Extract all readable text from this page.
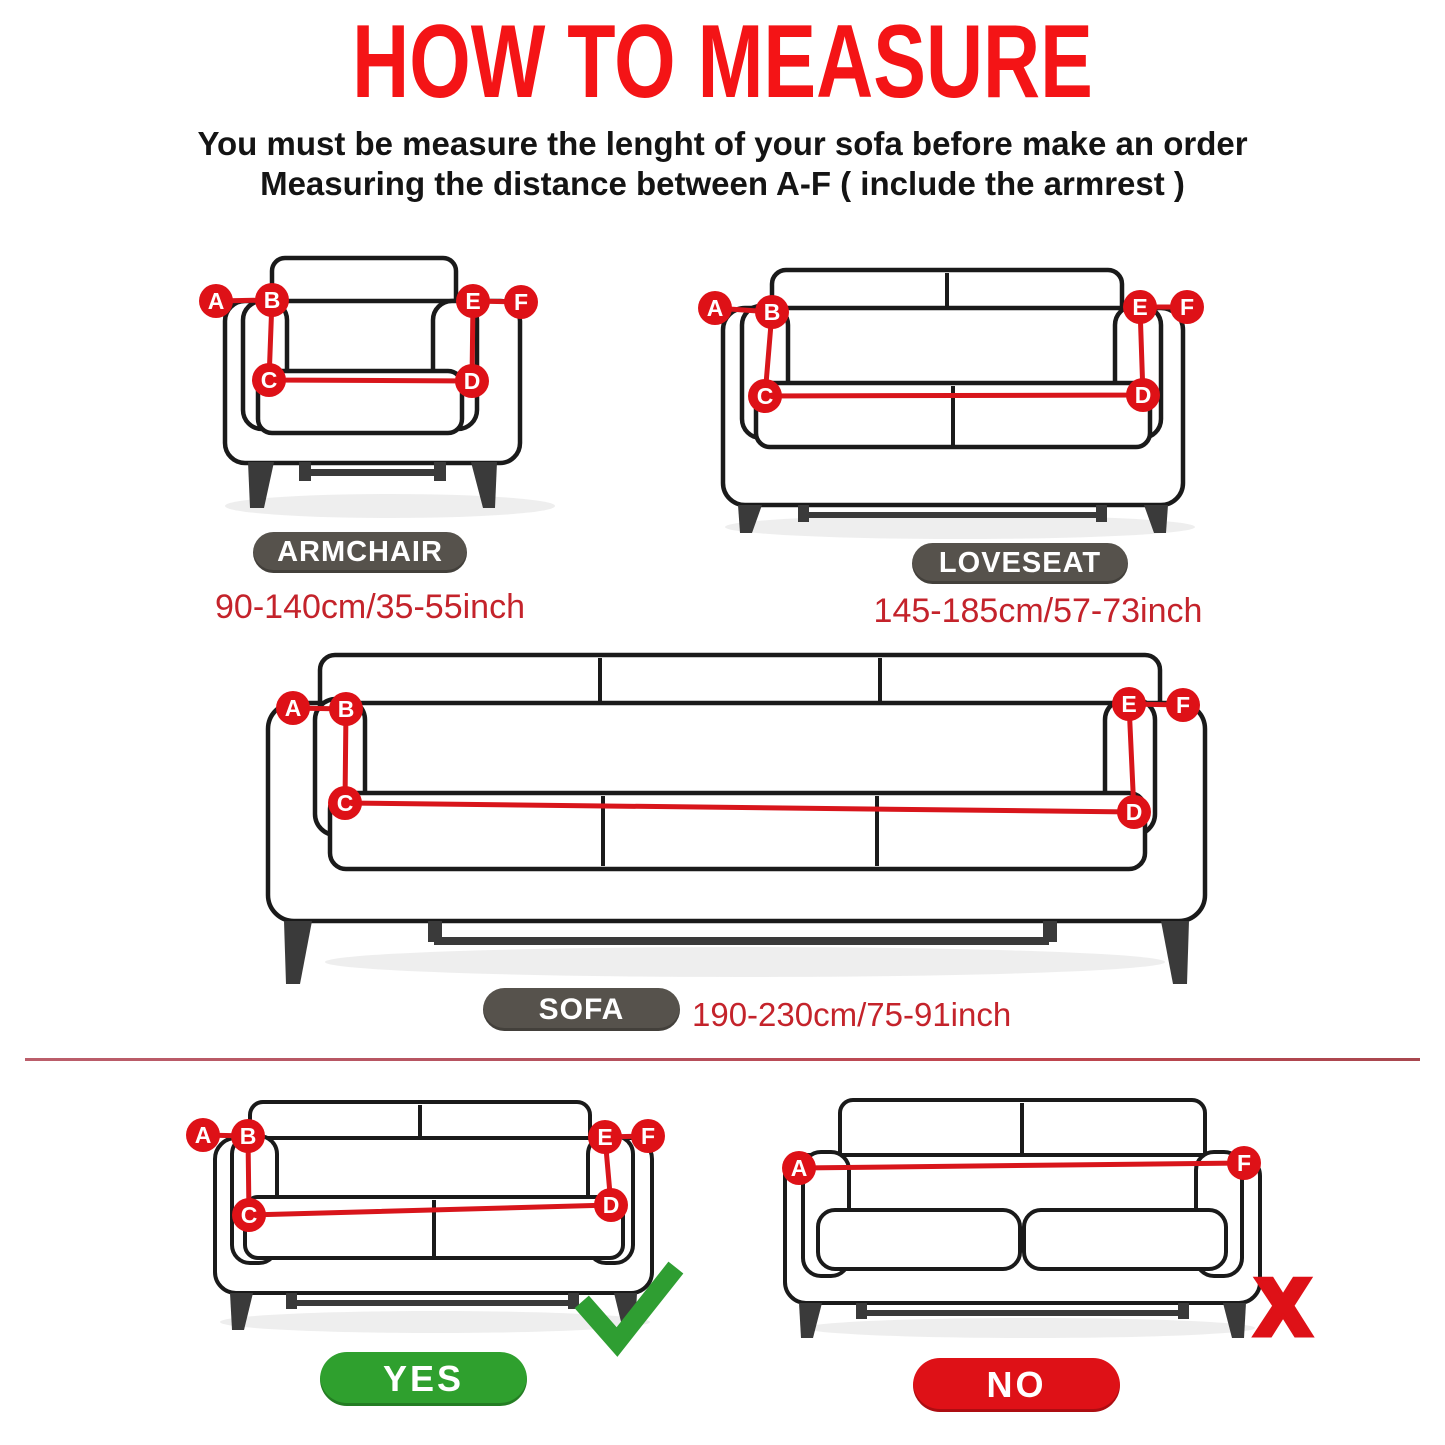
HOW TO MEASURE
You must be measure the lenght of your sofa before make an order
Measuring the distance between A-F ( include the armrest )
A B
C	D
E F	A B
C	D
E F
ARMCHAIR
90-140cm/35-55inch
LOVESEAT
145-185cm/57-73inch
A B
C	D
E F
SOFA	190-230cm/75-91inch
A B
C	D
E F
A	F
X
YES	NO
